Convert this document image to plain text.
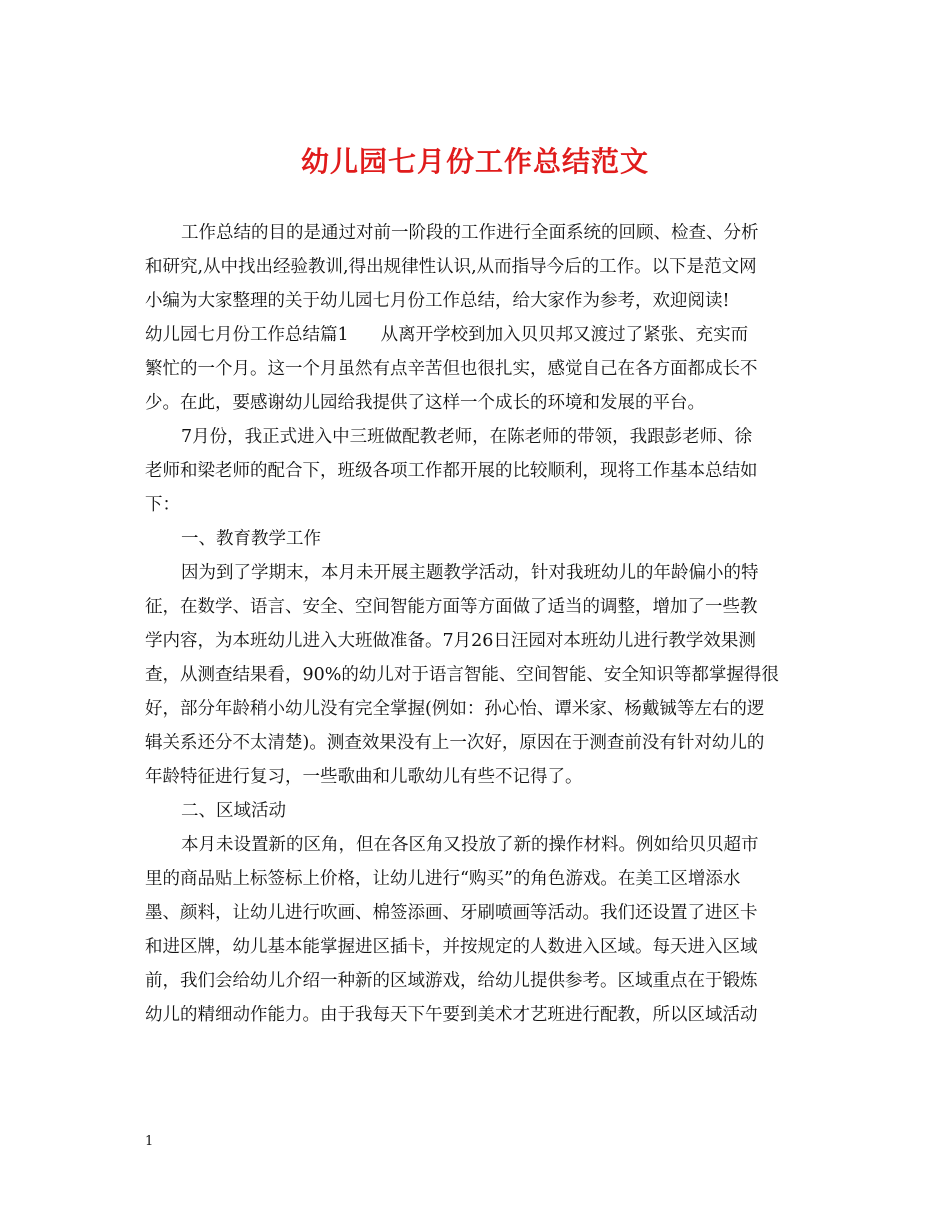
幼儿园七月份工作总结范文
工作总结的目的是通过对前一阶段的工作进行全面系统的回顾、检查、分析
和研究,从中找出经验教训,得出规律性认识,从而指导今后的工作。以下是范文网
小编为大家整理的关于幼儿园七月份工作总结，给大家作为参考，欢迎阅读!
幼儿园七月份工作总结篇1 从离开学校到加入贝贝邦又渡过了紧张、充实而
繁忙的一个月。这一个月虽然有点辛苦但也很扎实，感觉自己在各方面都成长不
少。在此，要感谢幼儿园给我提供了这样一个成长的环境和发展的平台。
7月份，我正式进入中三班做配教老师，在陈老师的带领，我跟彭老师、徐
老师和梁老师的配合下，班级各项工作都开展的比较顺利，现将工作基本总结如
下：
一、教育教学工作
因为到了学期末，本月未开展主题教学活动，针对我班幼儿的年龄偏小的特
征，在数学、语言、安全、空间智能方面等方面做了适当的调整，增加了一些教
学内容，为本班幼儿进入大班做准备。7月26日汪园对本班幼儿进行教学效果测
查，从测查结果看，90%的幼儿对于语言智能、空间智能、安全知识等都掌握得很
好，部分年龄稍小幼儿没有完全掌握(例如：孙心怡、谭米家、杨戴铖等左右的逻
辑关系还分不太清楚)。测查效果没有上一次好，原因在于测查前没有针对幼儿的
年龄特征进行复习，一些歌曲和儿歌幼儿有些不记得了。
二、区域活动
本月未设置新的区角，但在各区角又投放了新的操作材料。例如给贝贝超市
里的商品贴上标签标上价格，让幼儿进行“购买”的角色游戏。在美工区增添水
墨、颜料，让幼儿进行吹画、棉签添画、牙刷喷画等活动。我们还设置了进区卡
和进区牌，幼儿基本能掌握进区插卡，并按规定的人数进入区域。每天进入区域
前，我们会给幼儿介绍一种新的区域游戏，给幼儿提供参考。区域重点在于锻炼
幼儿的精细动作能力。由于我每天下午要到美术才艺班进行配教，所以区域活动
1
